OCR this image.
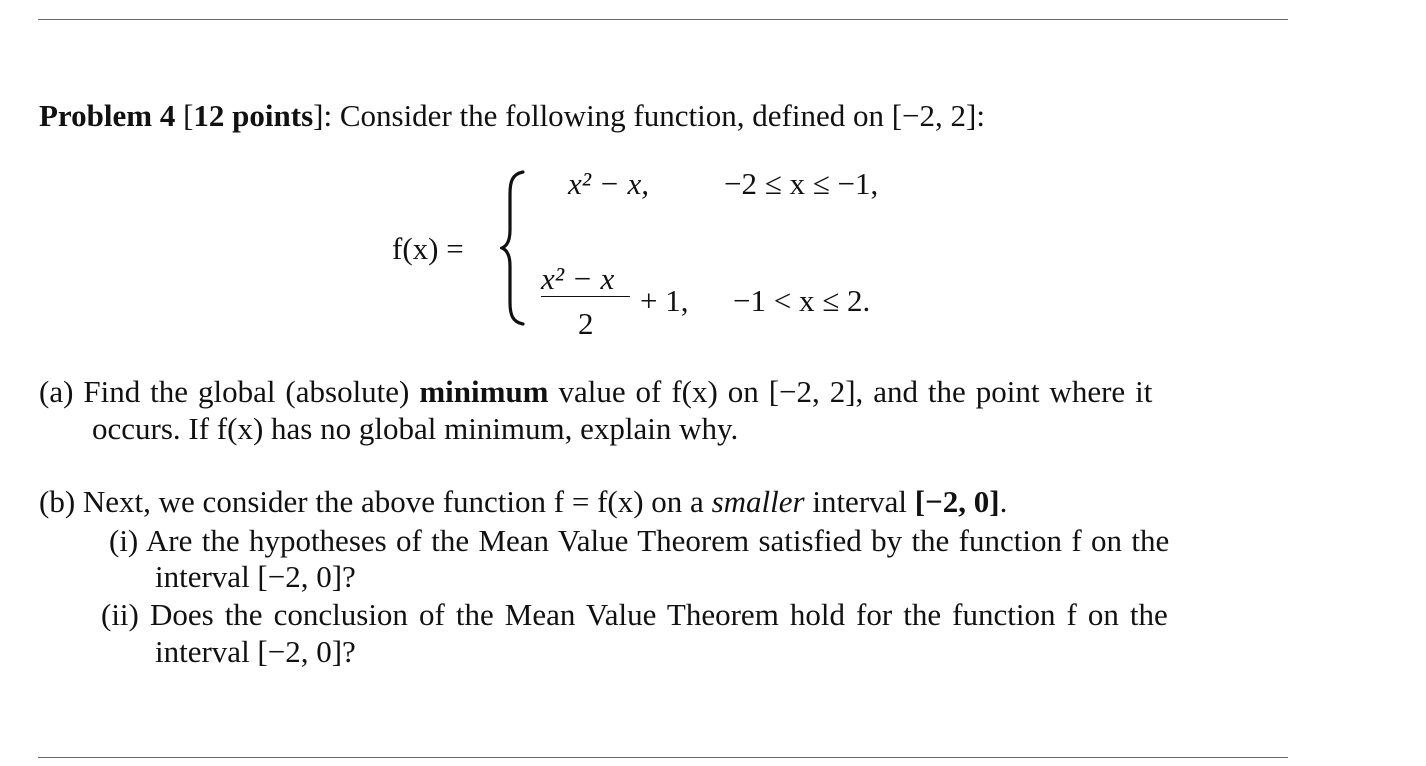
Problem 4 [12 points]: Consider the following function, defined on [−2, 2]:
f(x) =
x² − x, −2 ≤ x ≤ −1,
x² − x
2
+ 1, −1 < x ≤ 2.
(a) Find the global (absolute) minimum value of f(x) on [−2, 2], and the point where it
occurs. If f(x) has no global minimum, explain why.
(b) Next, we consider the above function f = f(x) on a smaller interval [−2, 0].
(i) Are the hypotheses of the Mean Value Theorem satisfied by the function f on the
interval [−2, 0]?
(ii) Does the conclusion of the Mean Value Theorem hold for the function f on the
interval [−2, 0]?
